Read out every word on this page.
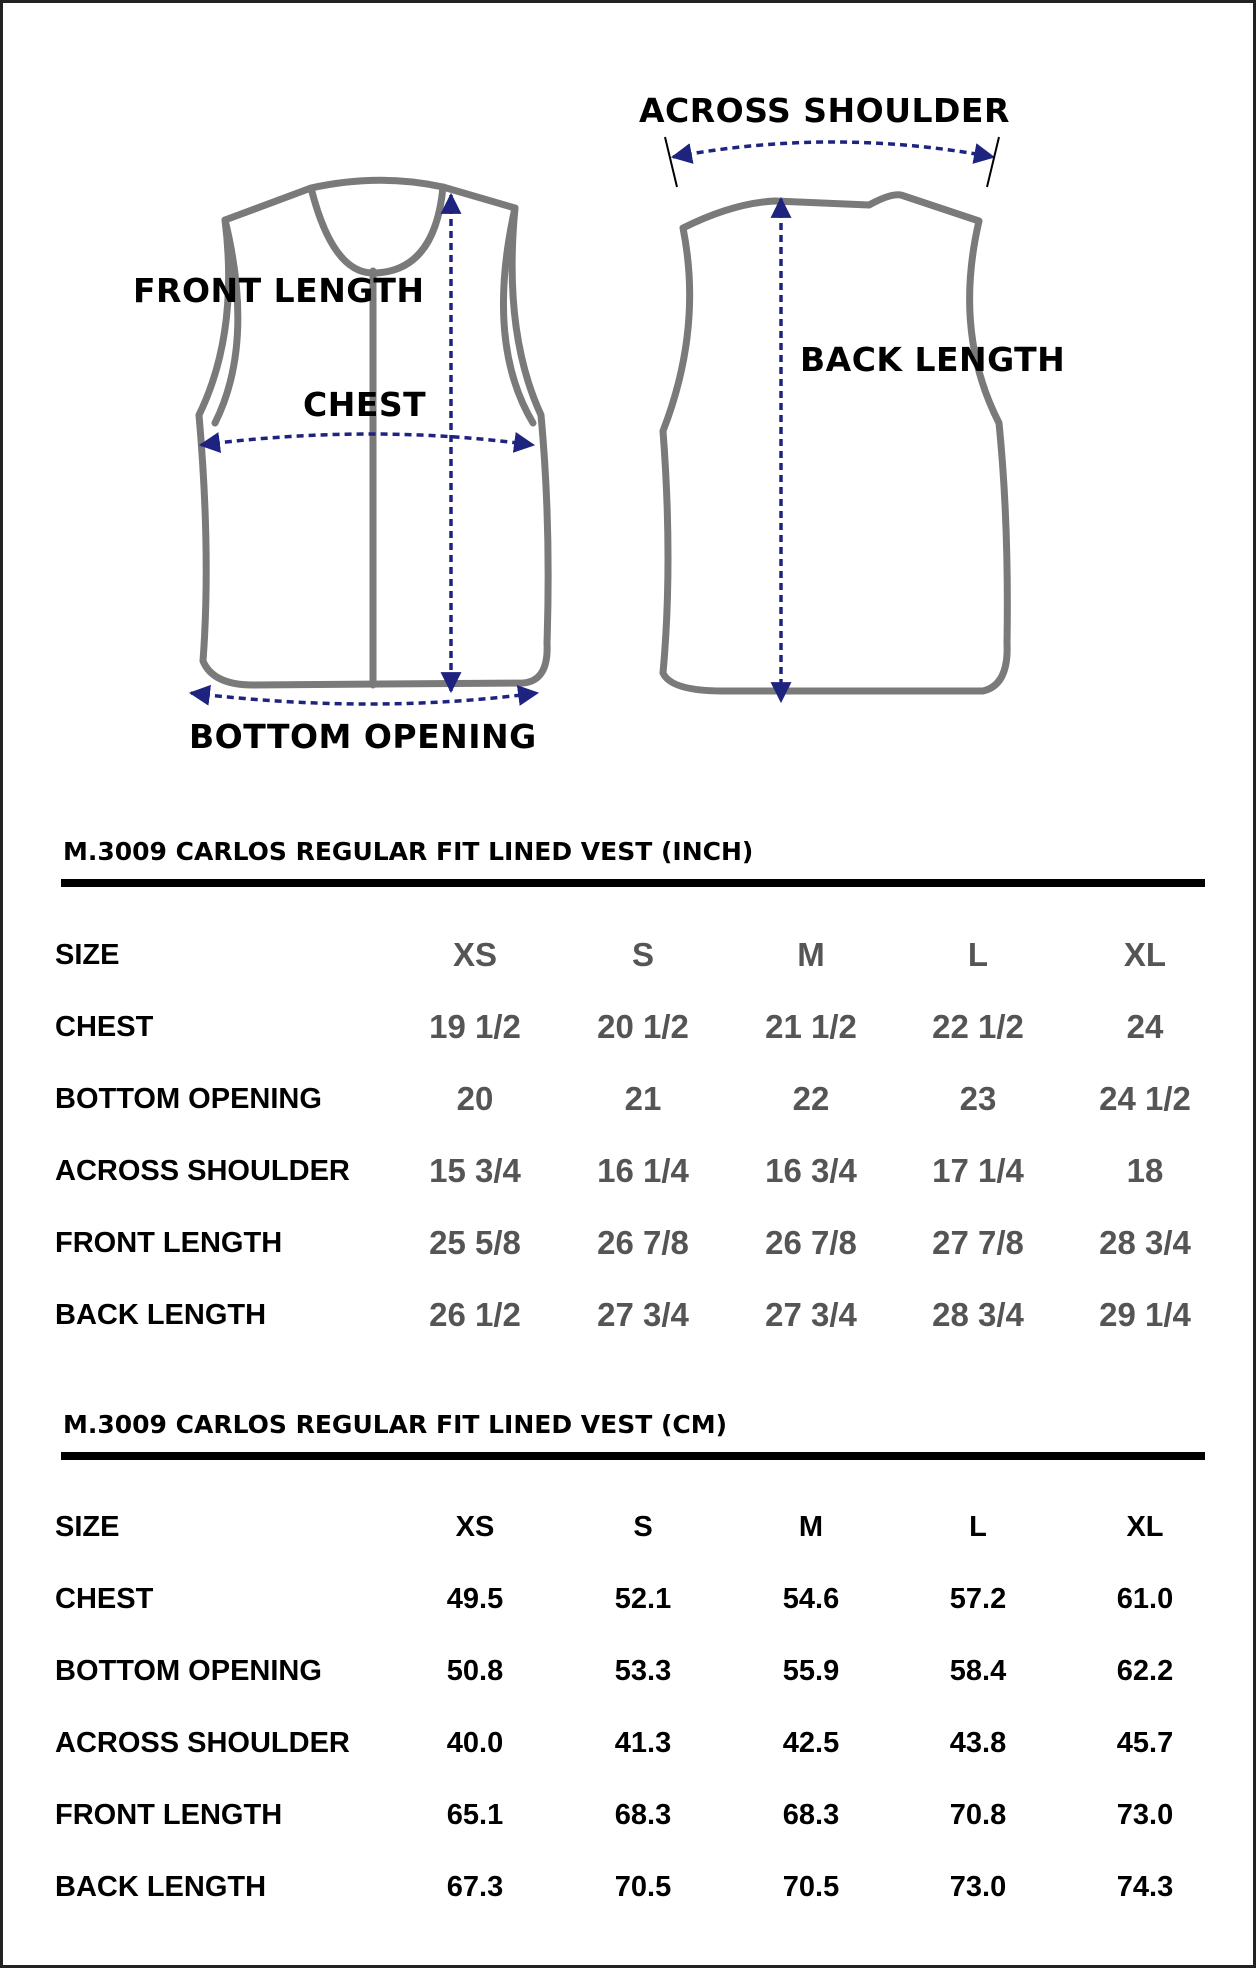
FRONT LENGTH
CHEST
BOTTOM OPENING
ACROSS SHOULDER
BACK LENGTH
M.3009 CARLOS REGULAR FIT LINED VEST (INCH)
SIZE	XS	S	M	L	XL
CHEST	19 1/2	20 1/2	21 1/2	22 1/2	24
BOTTOM OPENING	20	21	22	23	24 1/2
ACROSS SHOULDER	15 3/4	16 1/4	16 3/4	17 1/4	18
FRONT LENGTH	25 5/8	26 7/8	26 7/8	27 7/8	28 3/4
BACK LENGTH	26 1/2	27 3/4	27 3/4	28 3/4	29 1/4
M.3009 CARLOS REGULAR FIT LINED VEST (CM)
SIZE	XS	S	M	L	XL
CHEST	49.5	52.1	54.6	57.2	61.0
BOTTOM OPENING	50.8	53.3	55.9	58.4	62.2
ACROSS SHOULDER	40.0	41.3	42.5	43.8	45.7
FRONT LENGTH	65.1	68.3	68.3	70.8	73.0
BACK LENGTH	67.3	70.5	70.5	73.0	74.3
